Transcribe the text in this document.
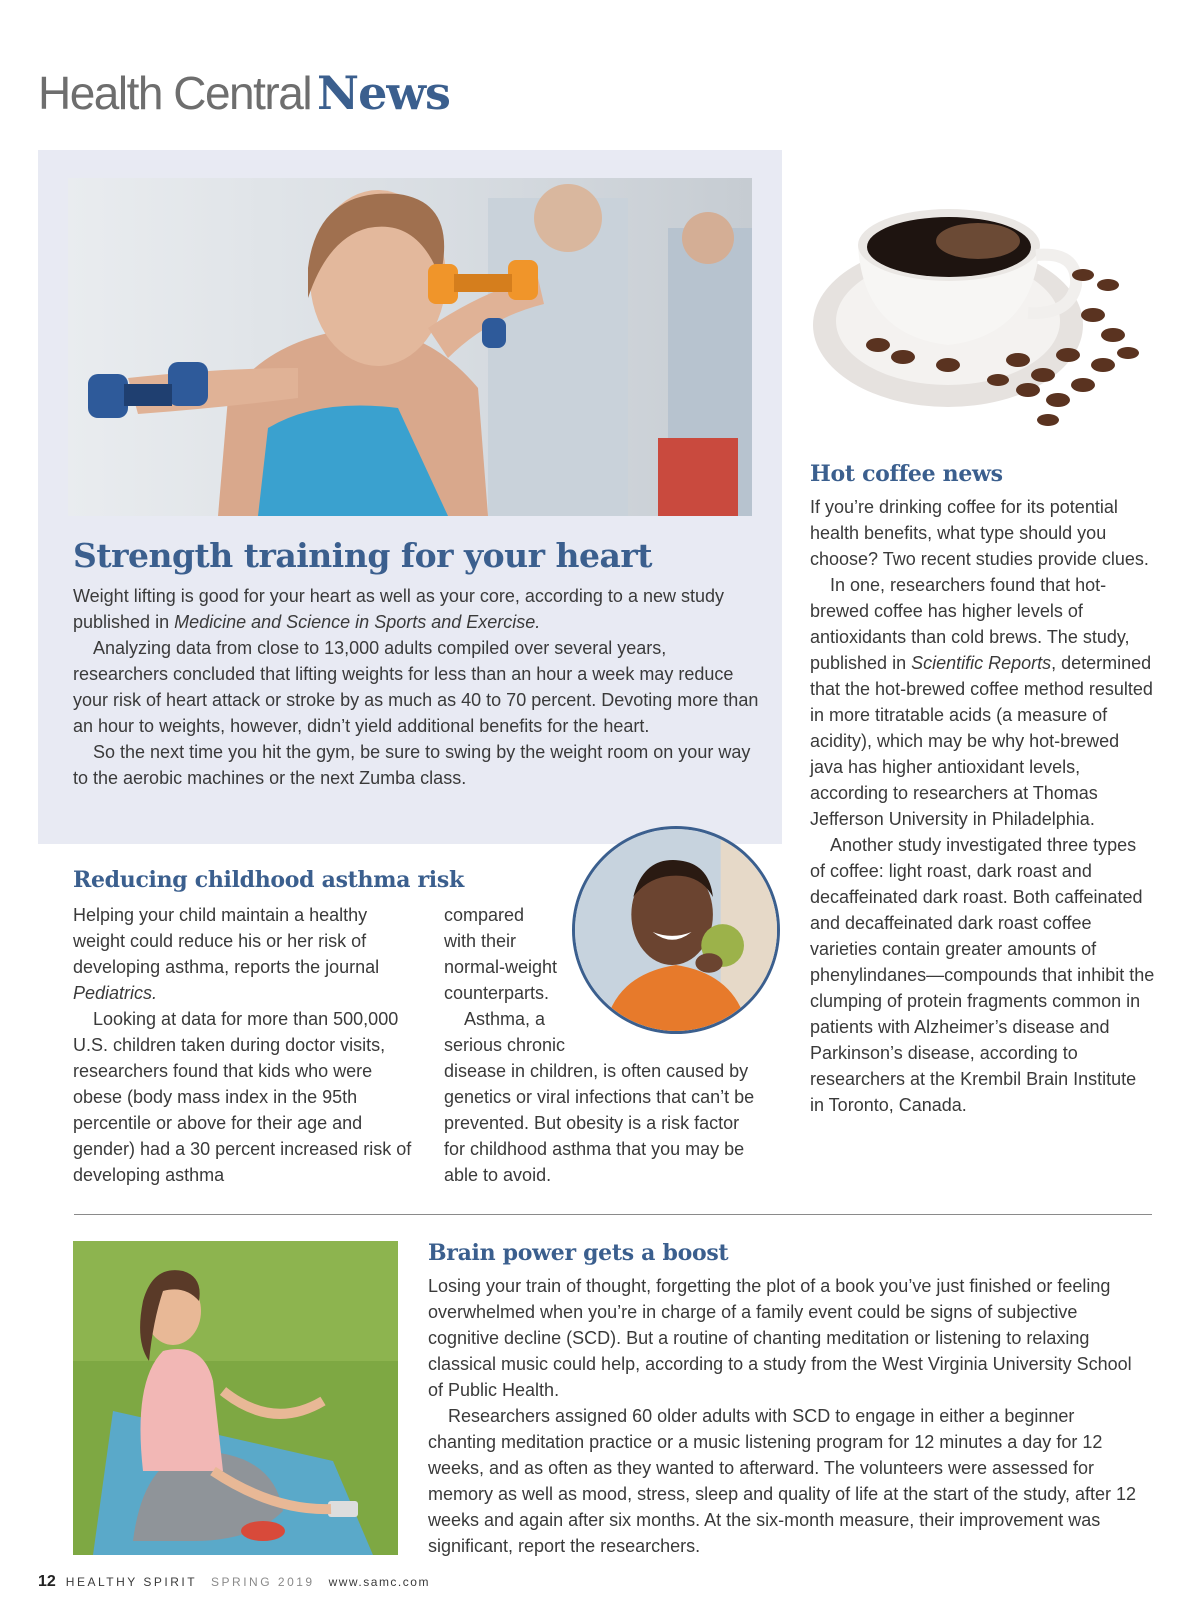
Health Central News
Strength training for your heart

Weight lifting is good for your heart as well as your core, according to a new study published in Medicine and Science in Sports and Exercise.

Analyzing data from close to 13,000 adults compiled over several years, researchers concluded that lifting weights for less than an hour a week may reduce your risk of heart attack or stroke by as much as 40 to 70 percent. Devoting more than an hour to weights, however, didn’t yield additional benefits for the heart.

So the next time you hit the gym, be sure to swing by the weight room on your way to the aerobic machines or the next Zumba class.

Hot coffee news

If you’re drinking coffee for its potential health benefits, what type should you choose? Two recent studies provide clues.

In one, researchers found that hot-brewed coffee has higher levels of antioxidants than cold brews. The study, published in Scientific Reports, determined that the hot-brewed coffee method resulted in more titratable acids (a measure of acidity), which may be why hot-brewed java has higher antioxidant levels, according to researchers at Thomas Jefferson University in Philadelphia.

Another study investigated three types of coffee: light roast, dark roast and decaffeinated dark roast. Both caffeinated and decaffeinated dark roast coffee varieties contain greater amounts of phenylindanes—compounds that inhibit the clumping of protein fragments common in patients with Alzheimer’s disease and Parkinson’s disease, according to researchers at the Krembil Brain Institute in Toronto, Canada.

Reducing childhood asthma risk

Helping your child maintain a healthy weight could reduce his or her risk of developing asthma, reports the journal Pediatrics.

Looking at data for more than 500,000 U.S. children taken during doctor visits, researchers found that kids who were obese (body mass index in the 95th percentile or above for their age and gender) had a 30 percent increased risk of developing asthma

compared
with their
normal-weight
counterparts.
Asthma, a
serious chronic
disease in children, is often caused by genetics or viral infections that can’t be prevented. But obesity is a risk factor for childhood asthma that you may be able to avoid.
Brain power gets a boost

Losing your train of thought, forgetting the plot of a book you’ve just finished or feeling overwhelmed when you’re in charge of a family event could be signs of subjective cognitive decline (SCD). But a routine of chanting meditation or listening to relaxing classical music could help, according to a study from the West Virginia University School of Public Health.

Researchers assigned 60 older adults with SCD to engage in either a beginner chanting meditation practice or a music listening program for 12 minutes a day for 12 weeks, and as often as they wanted to afterward. The volunteers were assessed for memory as well as mood, stress, sleep and quality of life at the start of the study, after 12 weeks and again after six months. At the six-month measure, their improvement was significant, report the researchers.

12 HEALTHY SPIRIT SPRING 2019 www.samc.com
